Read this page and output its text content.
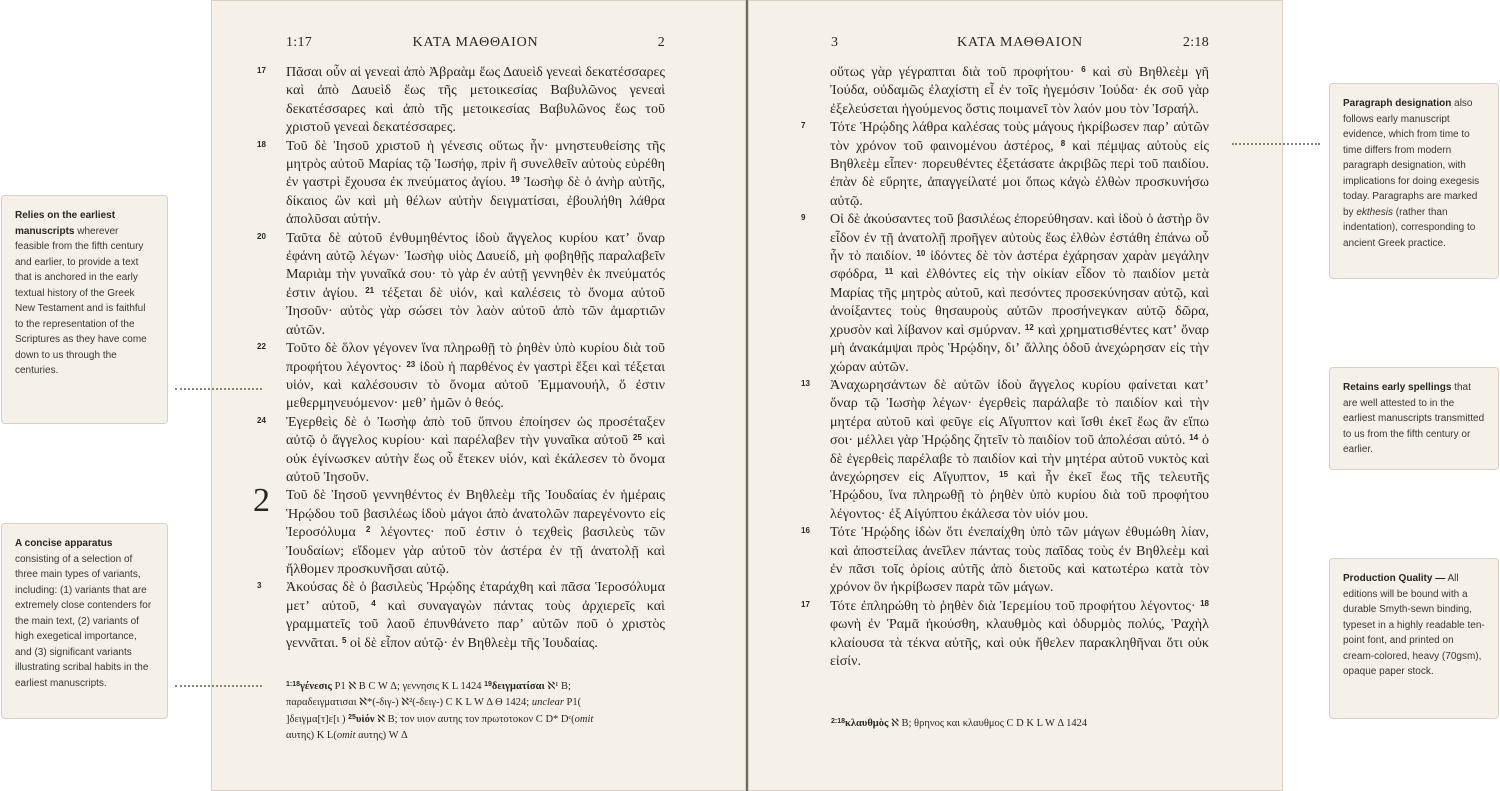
1:17	ΚΑΤΑ ΜΑΘΘΑΙΟΝ	2
17 Πᾶσαι οὖν αἱ γενεαὶ ἀπὸ Ἀβραὰμ ἕως Δαυεὶδ γενεαὶ δεκατέσσαρες καὶ ἀπὸ Δαυεὶδ ἕως τῆς μετοικεσίας Βαβυλῶνος γενεαὶ δεκατέσσαρες καὶ ἀπὸ τῆς μετοικεσίας Βαβυλῶνος ἕως τοῦ χριστοῦ γενεαὶ δεκατέσσαρες.
18 Τοῦ δὲ Ἰησοῦ χριστοῦ ἡ γένεσις οὕτως ἦν· μνηστευθείσης τῆς μητρὸς αὐτοῦ Μαρίας τῷ Ἰωσήφ, πρὶν ἢ συνελθεῖν αὐτοὺς εὑρέθη ἐν γαστρὶ ἔχουσα ἐκ πνεύματος ἁγίου. $^{19}$ Ἰωσὴφ δὲ ὁ ἀνὴρ αὐτῆς, δίκαιος ὢν καὶ μὴ θέλων αὐτὴν δειγματίσαι, ἐβουλήθη λάθρα ἀπολῦσαι αὐτήν.
20 Ταῦτα δὲ αὐτοῦ ἐνθυμηθέντος ἰδοὺ ἄγγελος κυρίου κατʼ ὄναρ ἐφάνη αὐτῷ λέγων· Ἰωσὴφ υἱὸς Δαυείδ, μὴ φοβηθῇς παραλαβεῖν Μαριὰμ τὴν γυναῖκά σου· τὸ γὰρ ἐν αὐτῇ γεννηθὲν ἐκ πνεύματός ἐστιν ἁγίου. $^{21}$ τέξεται δὲ υἱόν, καὶ καλέσεις τὸ ὄνομα αὐτοῦ Ἰησοῦν· αὐτὸς γὰρ σώσει τὸν λαὸν αὐτοῦ ἀπὸ τῶν ἁμαρτιῶν αὐτῶν.
22 Τοῦτο δὲ ὅλον γέγονεν ἵνα πληρωθῇ τὸ ῥηθὲν ὑπὸ κυρίου διὰ τοῦ προφήτου λέγοντος· $^{23}$ ἰδοὺ ἡ παρθένος ἐν γαστρὶ ἕξει καὶ τέξεται υἱόν, καὶ καλέσουσιν τὸ ὄνομα αὐτοῦ Ἐμμανουήλ, ὅ ἐστιν μεθερμηνευόμενον· μεθʼ ἡμῶν ὁ θεός.
24 Ἐγερθεὶς δὲ ὁ Ἰωσὴφ ἀπὸ τοῦ ὕπνου ἐποίησεν ὡς προσέταξεν αὐτῷ ὁ ἄγγελος κυρίου· καὶ παρέλαβεν τὴν γυναῖκα αὐτοῦ $^{25}$ καὶ οὐκ ἐγίνωσκεν αὐτὴν ἕως οὗ ἔτεκεν υἱόν, καὶ ἐκάλεσεν τὸ ὄνομα αὐτοῦ Ἰησοῦν.
2 Τοῦ δὲ Ἰησοῦ γεννηθέντος ἐν Βηθλεὲμ τῆς Ἰουδαίας ἐν ἡμέραις Ἡρῴδου τοῦ βασιλέως ἰδοὺ μάγοι ἀπὸ ἀνατολῶν παρεγένοντο εἰς Ἱεροσόλυμα $^2$ λέγοντες· ποῦ ἐστιν ὁ τεχθεὶς βασιλεὺς τῶν Ἰουδαίων; εἴδομεν γὰρ αὐτοῦ τὸν ἀστέρα ἐν τῇ ἀνατολῇ καὶ ἤλθομεν προσκυνῆσαι αὐτῷ.
3 Ἀκούσας δὲ ὁ βασιλεὺς Ἡρῴδης ἐταράχθη καὶ πᾶσα Ἱεροσόλυμα μετʼ αὐτοῦ, $^4$ καὶ συναγαγὼν πάντας τοὺς ἀρχιερεῖς καὶ γραμματεῖς τοῦ λαοῦ ἐπυνθάνετο παρʼ αὐτῶν ποῦ ὁ χριστὸς γεννᾶται. $^5$ οἱ δὲ εἶπον αὐτῷ· ἐν Βηθλεὲμ τῆς Ἰουδαίας.
$^{1:18}$γένεσις P1 ℵ B C W Δ; γεννησις K L 1424 $^{19}$δειγματίσαι ℵ¹ B; παραδειγματισαι ℵ*(-διγ-) ℵ²(-δειγ-) C K L W Δ Θ 1424; unclear P1( ]δειγμα[τ]ε[ι ) $^{25}$υἱόν ℵ B; τον υιον αυτης τον πρωτοτοκον C D* Dᶜ(omit αυτης) K L(omit αυτης) W Δ
3	ΚΑΤΑ ΜΑΘΘΑΙΟΝ	2:18
οὕτως γὰρ γέγραπται διὰ τοῦ προφήτου· $^6$ καὶ σὺ Βηθλεὲμ γῆ Ἰούδα, οὐδαμῶς ἐλαχίστη εἶ ἐν τοῖς ἡγεμόσιν Ἰούδα· ἐκ σοῦ γὰρ ἐξελεύσεται ἡγούμενος ὅστις ποιμανεῖ τὸν λαόν μου τὸν Ἰσραήλ.
7 Τότε Ἡρῴδης λάθρα καλέσας τοὺς μάγους ἠκρίβωσεν παρʼ αὐτῶν τὸν χρόνον τοῦ φαινομένου ἀστέρος, $^8$ καὶ πέμψας αὐτοὺς εἰς Βηθλεὲμ εἶπεν· πορευθέντες ἐξετάσατε ἀκριβῶς περὶ τοῦ παιδίου. ἐπὰν δὲ εὕρητε, ἀπαγγείλατέ μοι ὅπως κἀγὼ ἐλθὼν προσκυνήσω αὐτῷ.
9 Οἱ δὲ ἀκούσαντες τοῦ βασιλέως ἐπορεύθησαν. καὶ ἰδοὺ ὁ ἀστὴρ ὃν εἶδον ἐν τῇ ἀνατολῇ προῆγεν αὐτοὺς ἕως ἐλθὼν ἐστάθη ἐπάνω οὗ ἦν τὸ παιδίον. $^{10}$ ἰδόντες δὲ τὸν ἀστέρα ἐχάρησαν χαρὰν μεγάλην σφόδρα, $^{11}$ καὶ ἐλθόντες εἰς τὴν οἰκίαν εἶδον τὸ παιδίον μετὰ Μαρίας τῆς μητρὸς αὐτοῦ, καὶ πεσόντες προσεκύνησαν αὐτῷ, καὶ ἀνοίξαντες τοὺς θησαυροὺς αὐτῶν προσήνεγκαν αὐτῷ δῶρα, χρυσὸν καὶ λίβανον καὶ σμύρναν. $^{12}$ καὶ χρηματισθέντες κατʼ ὄναρ μὴ ἀνακάμψαι πρὸς Ἡρῴδην, διʼ ἄλλης ὁδοῦ ἀνεχώρησαν εἰς τὴν χώραν αὐτῶν.
13 Ἀναχωρησάντων δὲ αὐτῶν ἰδοὺ ἄγγελος κυρίου φαίνεται κατʼ ὄναρ τῷ Ἰωσὴφ λέγων· ἐγερθεὶς παράλαβε τὸ παιδίον καὶ τὴν μητέρα αὐτοῦ καὶ φεῦγε εἰς Αἴγυπτον καὶ ἴσθι ἐκεῖ ἕως ἂν εἴπω σοι· μέλλει γὰρ Ἡρῴδης ζητεῖν τὸ παιδίον τοῦ ἀπολέσαι αὐτό. $^{14}$ ὁ δὲ ἐγερθεὶς παρέλαβε τὸ παιδίον καὶ τὴν μητέρα αὐτοῦ νυκτὸς καὶ ἀνεχώρησεν εἰς Αἴγυπτον, $^{15}$ καὶ ἦν ἐκεῖ ἕως τῆς τελευτῆς Ἡρῴδου, ἵνα πληρωθῇ τὸ ῥηθὲν ὑπὸ κυρίου διὰ τοῦ προφήτου λέγοντος· ἐξ Αἰγύπτου ἐκάλεσα τὸν υἱόν μου.
16 Τότε Ἡρῴδης ἰδὼν ὅτι ἐνεπαίχθη ὑπὸ τῶν μάγων ἐθυμώθη λίαν, καὶ ἀποστείλας ἀνεῖλεν πάντας τοὺς παῖδας τοὺς ἐν Βηθλεὲμ καὶ ἐν πᾶσι τοῖς ὁρίοις αὐτῆς ἀπὸ διετοῦς καὶ κατωτέρω κατὰ τὸν χρόνον ὃν ἠκρίβωσεν παρὰ τῶν μάγων.
17 Τότε ἐπληρώθη τὸ ῥηθὲν διὰ Ἱερεμίου τοῦ προφήτου λέγοντος· $^{18}$ φωνὴ ἐν Ῥαμᾶ ἠκούσθη, κλαυθμὸς καὶ ὀδυρμὸς πολύς, Ῥαχὴλ κλαίουσα τὰ τέκνα αὐτῆς, καὶ οὐκ ἤθελεν παρακληθῆναι ὅτι οὐκ εἰσίν.
$^{2:18}$κλαυθμὸς ℵ B; θρηνος και κλαυθμος C D K L W Δ 1424
Relies on the earliest manuscripts wherever feasible from the fifth century and earlier, to provide a text that is anchored in the early textual history of the Greek New Testament and is faithful to the representation of the Scriptures as they have come down to us through the centuries.
A concise apparatus consisting of a selection of three main types of variants, including: (1) variants that are extremely close contenders for the main text, (2) variants of high exegetical importance, and (3) significant variants illustrating scribal habits in the earliest manuscripts.
Paragraph designation also follows early manuscript evidence, which from time to time differs from modern paragraph designation, with implications for doing exegesis today. Paragraphs are marked by ekthesis (rather than indentation), corresponding to ancient Greek practice.
Retains early spellings that are well attested to in the earliest manuscripts transmitted to us from the fifth century or earlier.
Production Quality — All editions will be bound with a durable Smyth-sewn binding, typeset in a highly readable ten-point font, and printed on cream-colored, heavy (70gsm), opaque paper stock.
